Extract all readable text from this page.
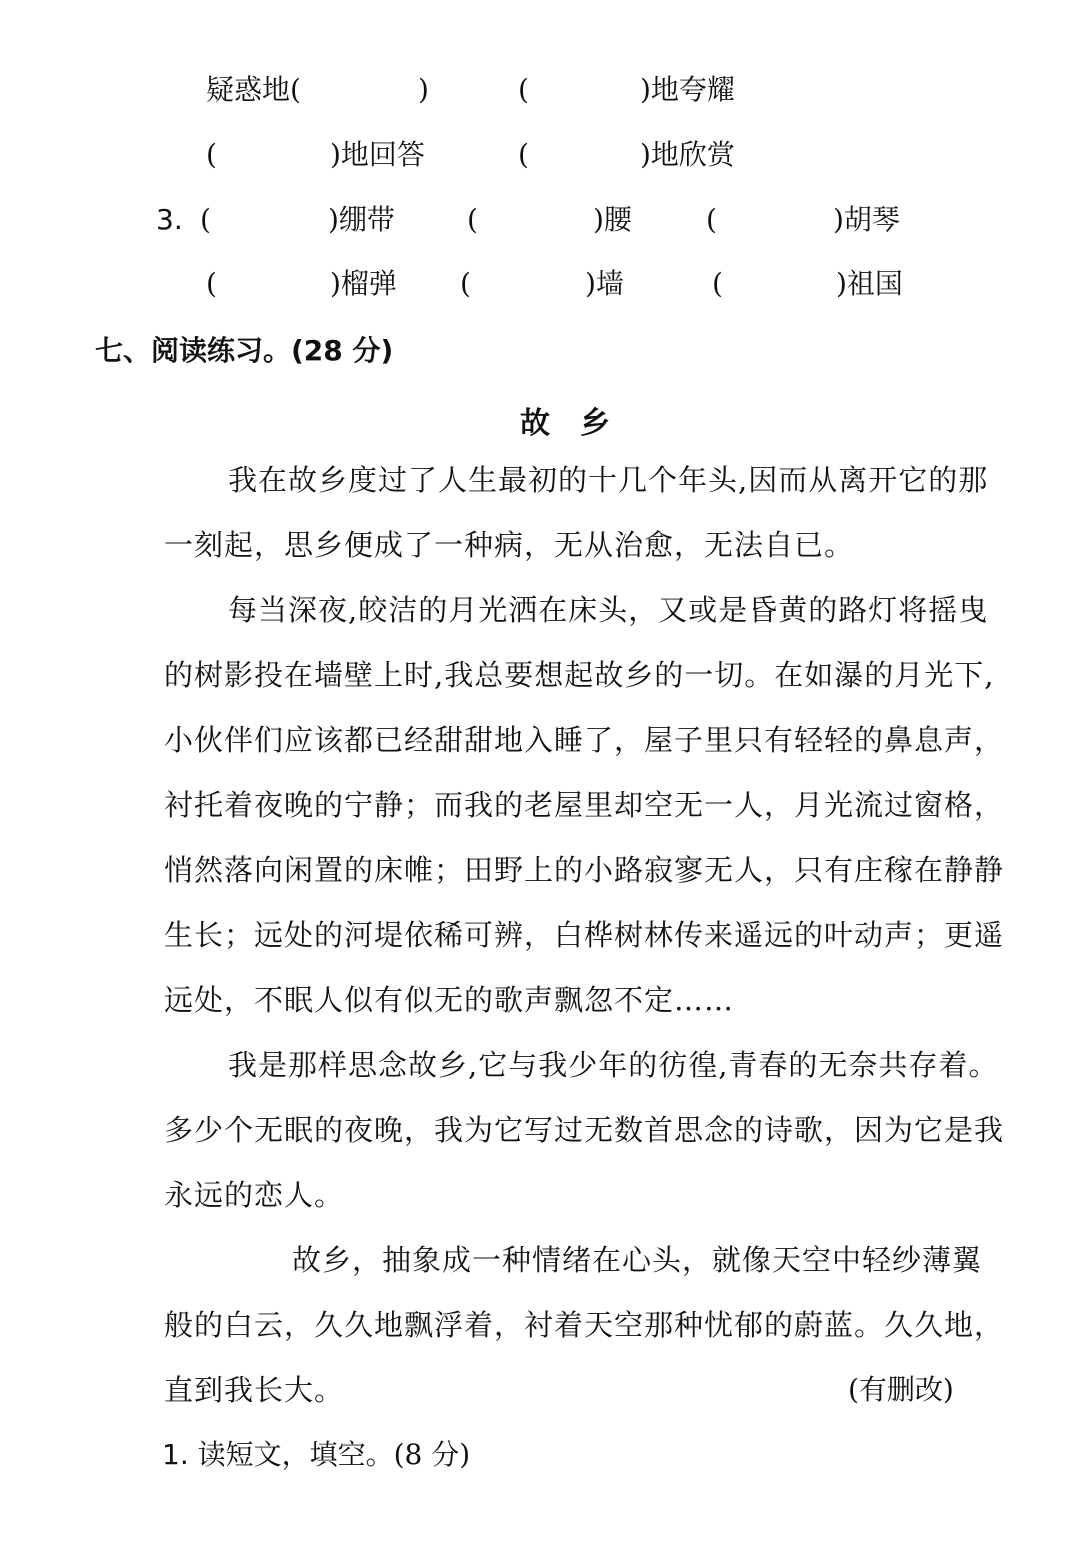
疑惑地(	)	(	)地夸耀
(	)地回答	(	)地欣赏
3. (	)绷带	(	)腰	(	)胡琴
(	)榴弹 (	)墙	(	)祖国
七、阅读练习。(28 分)
故乡
我在故乡度过了人生最初的十几个年头,因而从离开它的那
一刻起，思乡便成了一种病，无从治愈，无法自已。
每当深夜,皎洁的月光洒在床头，又或是昏黄的路灯将摇曳
的树影投在墙壁上时,我总要想起故乡的一切。在如瀑的月光下,
小伙伴们应该都已经甜甜地入睡了，屋子里只有轻轻的鼻息声，
衬托着夜晚的宁静；而我的老屋里却空无一人，月光流过窗格，
悄然落向闲置的床帷；田野上的小路寂寥无人，只有庄稼在静静
生长；远处的河堤依稀可辨，白桦树林传来遥远的叶动声；更遥
远处，不眠人似有似无的歌声飘忽不定……
我是那样思念故乡,它与我少年的彷徨,青春的无奈共存着。
多少个无眠的夜晚，我为它写过无数首思念的诗歌，因为它是我
永远的恋人。
故乡，抽象成一种情绪在心头，就像天空中轻纱薄翼
般的白云，久久地飘浮着，衬着天空那种忧郁的蔚蓝。久久地，
直到我长大。	(有删改)
1. 读短文，填空。(8 分)
